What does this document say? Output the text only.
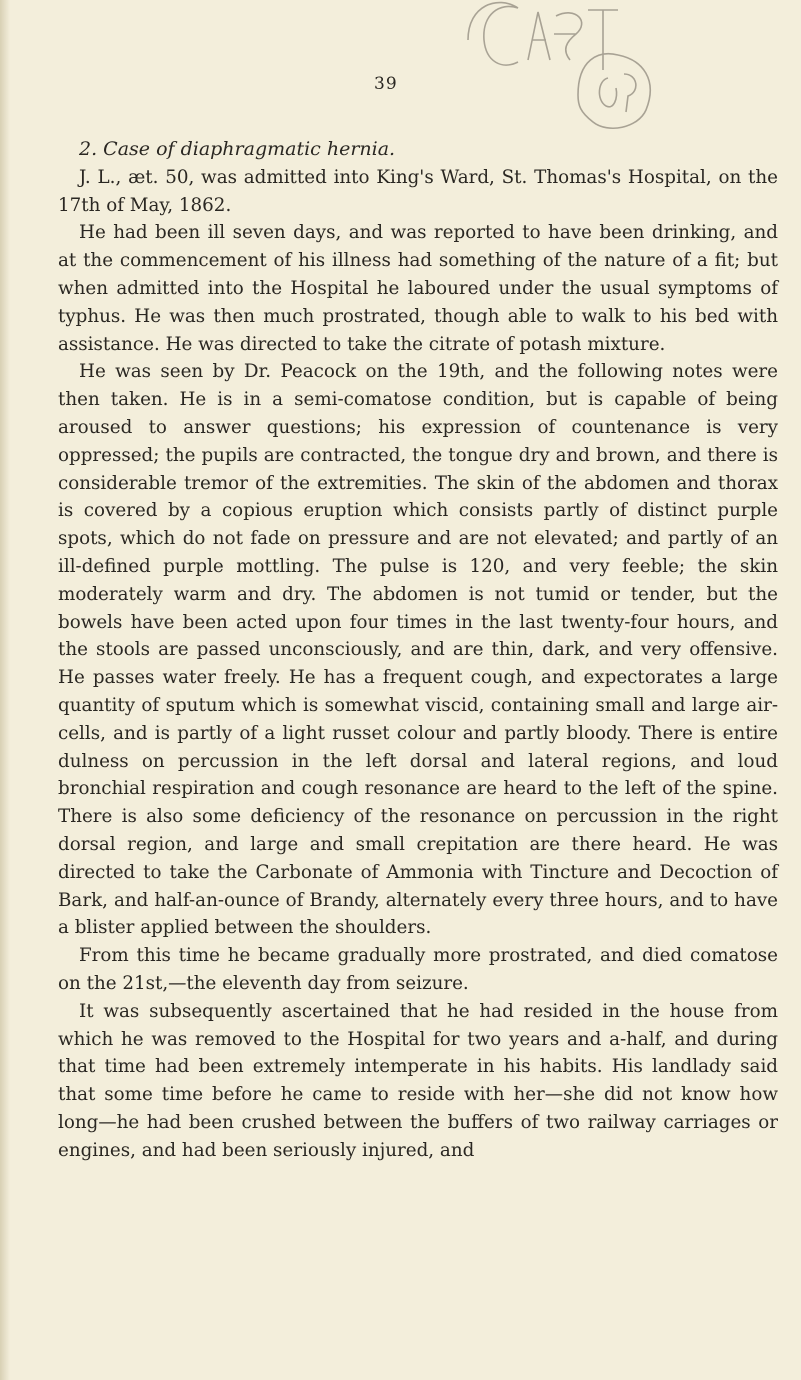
39

2. Case of diaphragmatic hernia.

J. L., æt. 50, was admitted into King's Ward, St. Thomas's Hospital, on the 17th of May, 1862.

He had been ill seven days, and was reported to have been drinking, and at the commencement of his illness had something of the nature of a fit; but when admitted into the Hospital he laboured under the usual symptoms of typhus. He was then much prostrated, though able to walk to his bed with assistance. He was directed to take the citrate of potash mixture.

He was seen by Dr. Peacock on the 19th, and the following notes were then taken. He is in a semi-comatose condition, but is capable of being aroused to answer questions; his expression of countenance is very oppressed; the pupils are contracted, the tongue dry and brown, and there is considerable tremor of the extremities. The skin of the abdomen and thorax is covered by a copious eruption which consists partly of distinct purple spots, which do not fade on pressure and are not elevated; and partly of an ill-defined purple mottling. The pulse is 120, and very feeble; the skin moderately warm and dry. The abdomen is not tumid or tender, but the bowels have been acted upon four times in the last twenty-four hours, and the stools are passed unconsciously, and are thin, dark, and very offensive. He passes water freely. He has a frequent cough, and expectorates a large quantity of sputum which is somewhat viscid, containing small and large air-cells, and is partly of a light russet colour and partly bloody. There is entire dulness on percussion in the left dorsal and lateral regions, and loud bronchial respiration and cough resonance are heard to the left of the spine. There is also some deficiency of the resonance on percussion in the right dorsal region, and large and small crepitation are there heard. He was directed to take the Carbonate of Ammonia with Tincture and Decoction of Bark, and half-an-ounce of Brandy, alternately every three hours, and to have a blister applied between the shoulders.

From this time he became gradually more prostrated, and died comatose on the 21st,—the eleventh day from seizure.

It was subsequently ascertained that he had resided in the house from which he was removed to the Hospital for two years and a-half, and during that time had been extremely intemperate in his habits. His landlady said that some time before he came to reside with her—she did not know how long—he had been crushed between the buffers of two railway carriages or engines, and had been seriously injured, and
